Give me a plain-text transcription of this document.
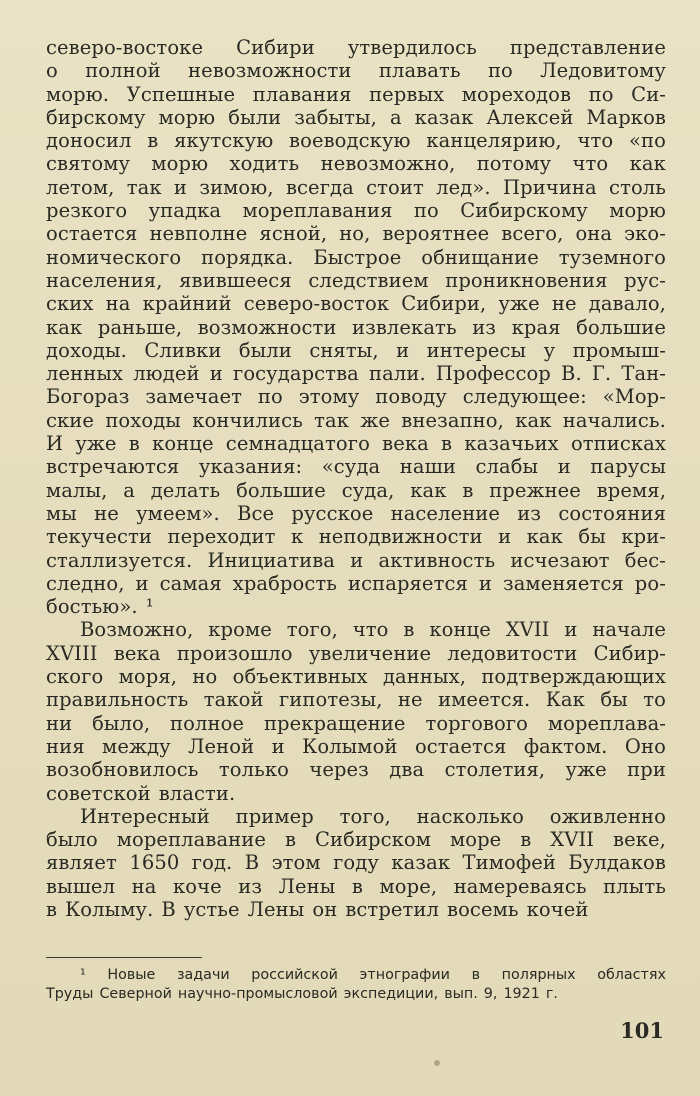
северо-востоке Сибири утвердилось представление
о полной невозможности плавать по Ледовитому
морю. Успешные плавания первых мореходов по Си-
бирскому морю были забыты, а казак Алексей Марков
доносил в якутскую воеводскую канцелярию, что «по
святому морю ходить невозможно, потому что как
летом, так и зимою, всегда стоит лед». Причина столь
резкого упадка мореплавания по Сибирскому морю
остается невполне ясной, но, вероятнее всего, она эко-
номического порядка. Быстрое обнищание туземного
населения, явившееся следствием проникновения рус-
ских на крайний северо-восток Сибири, уже не давало,
как раньше, возможности извлекать из края большие
доходы. Сливки были сняты, и интересы у промыш-
ленных людей и государства пали. Профессор В. Г. Тан-
Богораз замечает по этому поводу следующее: «Мор-
ские походы кончились так же внезапно, как начались.
И уже в конце семнадцатого века в казачьих отписках
встречаются указания: «суда наши слабы и парусы
малы, а делать большие суда, как в прежнее время,
мы не умеем». Все русское население из состояния
текучести переходит к неподвижности и как бы кри-
сталлизуется. Инициатива и активность исчезают бес-
следно, и самая храбрость испаряется и заменяется ро-
бостью». ¹
Возможно, кроме того, что в конце XVII и начале
XVIII века произошло увеличение ледовитости Сибир-
ского моря, но объективных данных, подтверждающих
правильность такой гипотезы, не имеется. Как бы то
ни было, полное прекращение торгового мореплава-
ния между Леной и Колымой остается фактом. Оно
возобновилось только через два столетия, уже при
советской власти.
Интересный пример того, насколько оживленно
было мореплавание в Сибирском море в XVII веке,
являет 1650 год. В этом году казак Тимофей Булдаков
вышел на коче из Лены в море, намереваясь плыть
в Колыму. В устье Лены он встретил восемь кочей
¹ Новые задачи российской этнографии в полярных областях
Труды Северной научно-промысловой экспедиции, вып. 9, 1921 г.
101
